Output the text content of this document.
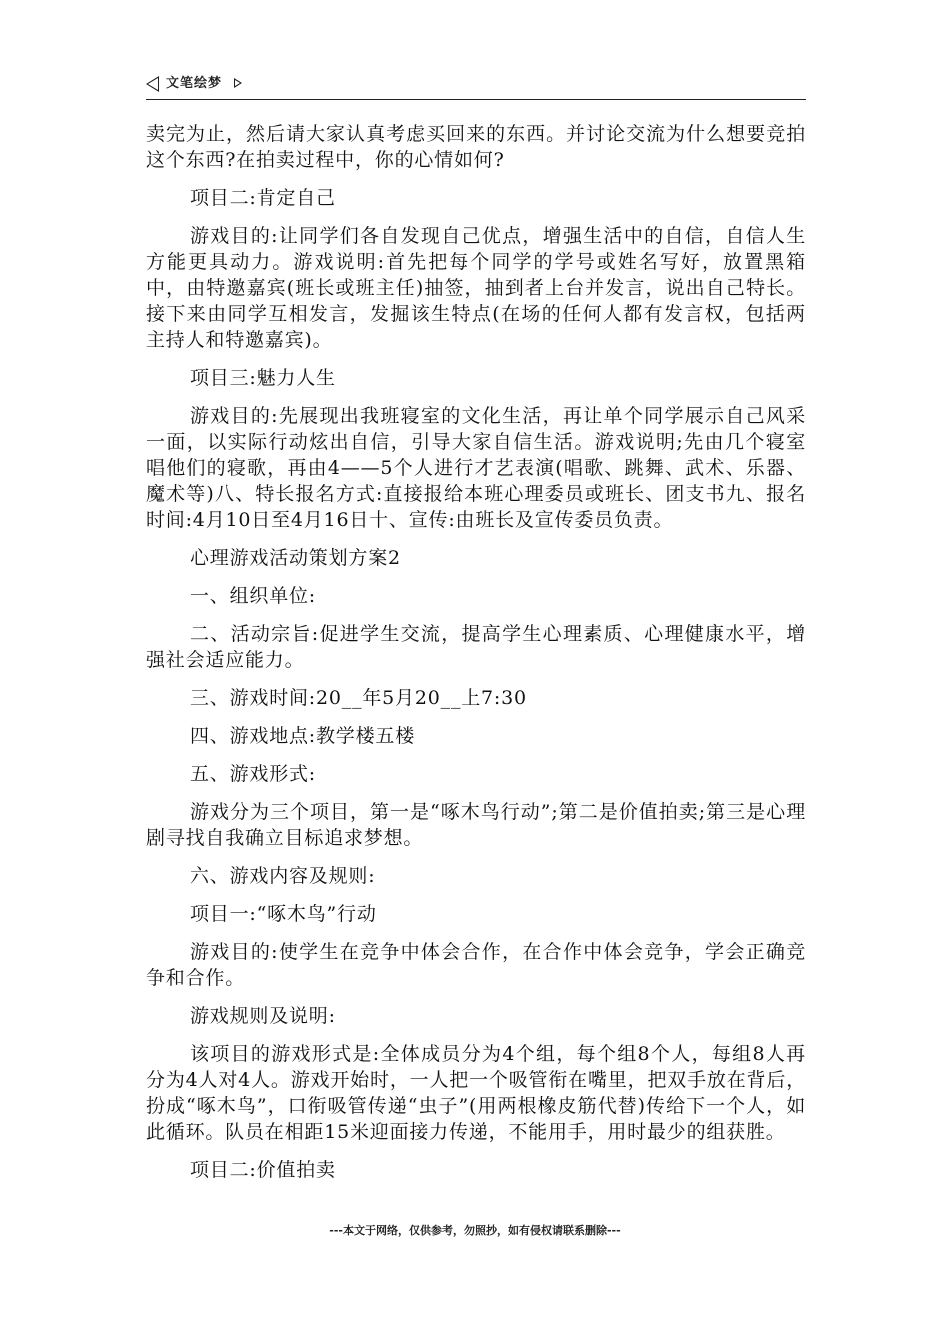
文笔绘梦

卖完为止，然后请大家认真考虑买回来的东西。并讨论交流为什么想要竞拍这个东西?在拍卖过程中，你的心情如何?

项目二:肯定自己

游戏目的:让同学们各自发现自己优点，增强生活中的自信，自信人生方能更具动力。游戏说明:首先把每个同学的学号或姓名写好，放置黑箱中，由特邀嘉宾(班长或班主任)抽签，抽到者上台并发言，说出自己特长。接下来由同学互相发言，发掘该生特点(在场的任何人都有发言权，包括两主持人和特邀嘉宾)。

项目三:魅力人生

游戏目的:先展现出我班寝室的文化生活，再让单个同学展示自己风采一面，以实际行动炫出自信，引导大家自信生活。游戏说明;先由几个寝室唱他们的寝歌，再由4——5个人进行才艺表演(唱歌、跳舞、武术、乐器、魔术等)八、特长报名方式:直接报给本班心理委员或班长、团支书九、报名时间:4月10日至4月16日十、宣传:由班长及宣传委员负责。

心理游戏活动策划方案2

一、组织单位:

二、活动宗旨:促进学生交流，提高学生心理素质、心理健康水平，增强社会适应能力。

三、游戏时间:20__年5月20__上7:30

四、游戏地点:教学楼五楼

五、游戏形式:

游戏分为三个项目，第一是“啄木鸟行动”;第二是价值拍卖;第三是心理剧寻找自我确立目标追求梦想。

六、游戏内容及规则:

项目一:“啄木鸟”行动

游戏目的:使学生在竞争中体会合作，在合作中体会竞争，学会正确竞争和合作。

游戏规则及说明:

该项目的游戏形式是:全体成员分为4个组，每个组8个人，每组8人再分为4人对4人。游戏开始时，一人把一个吸管衔在嘴里，把双手放在背后，扮成“啄木鸟”，口衔吸管传递“虫子”(用两根橡皮筋代替)传给下一个人，如此循环。队员在相距15米迎面接力传递，不能用手，用时最少的组获胜。

项目二:价值拍卖

---本文于网络，仅供参考，勿照抄，如有侵权请联系删除---
